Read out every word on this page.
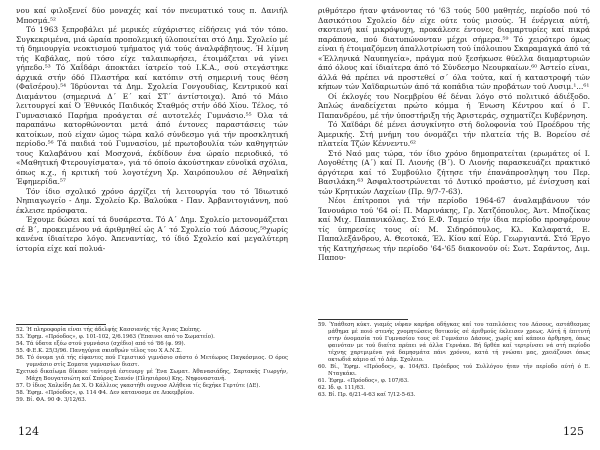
νου καί φιλοξενεί δύο μοναχές καί τόν πνευματικό τους π. Δανιήλ Μποσμά.⁵²

Τό 1963 ξεπροβάλει μέ μερικές εύχάριστες είδήσεις γιά τόν τόπο. Συγκεκριμένα, μιά ώραία προπολεμική ύλοποιείται στό Δημ. Σχολείο μέ τή δημιουργία νεοκτισμού τμήματος γιά τούς άναλφάβητους. Ή λίμνη τής Καβάλας, πού τόσο είχε ταλαιπωρήσει, έτοιμάζεται νά γίνει γήπεδο.⁵³ Τό Χαΐδάρι άποκτάει ίατρείο τού Ι.Κ.Α., σού στεγάστηκε άρχικά στήν όδό Πλαστήρα καί κατόπιν στή σημερινή τους θέση (Φαϊσέρου).⁵⁴ Ίδρύονται τά Δημ. Σχολεία Γονγουδίας, Κεντρικού καί Διαμάντου (σημερινά Δ΄ Ε΄ καί ΣΤ΄ άντίστοιχα). Άπό τό Μάιο λειτουργεί καί Ό Έθνικός Παιδικός Σταθμός στήν όδό Χίου. Τέλος, τό Γυμνασιακό Παρήμα προάγεται σέ αυτοτελές Γυμνάσιο.⁵⁵ Όλα τά παραπάνω κατορθώνονται μετά άπό έντονες παραστάσεις τών κατοίκων, πού είχαν ώμος τώρα καλό σύνδεσμο γιά τήν προσκλητική περίοδο.⁵⁶ Τά παιδιά τού Γυμνασίου, μέ πρωτοβουλία τών καθηγητών τους Καλαβάνου καί Μοσχονά, έκδίδουν ένα ώραίο περιοδικό, τό «Μαθητική Φτερουγίσματα», γιά τό όποίο άκούστηκαν εύνοϊκά σχόλια, όπως κ.χ., ή κριτική τού λογοτέχνη Χρ. Χαιρόπουλου σέ Άθηναϊκή Έφημερίδα.⁵⁷

Τόν ίδιο σχολικό χρόνο άρχίζει τή λειτουργία του τό Ίδιωτικό Νηπιαγωγείο - Δημ. Σχολείο Κρ. Βαλούκα - Παν. Άρβανιτογιάννη, πού έκλεισε πρόσφατα.

Έχουμε δώσει καί τά δυσάρεστα. Τό Α΄ Δημ. Σχολείο μετονομάζεται σέ Β΄, προκειμένου νά άριθμηθεί ώς Α΄ τό Σχολείο τού Δάσους,⁵⁸χωρίς κανένα ίδιαίτερο λόγο. Άπεναντίας, τό ίδιό Σχολείο καί μεγαλύτερη ίστορία είχε καί πολυά-

52. Ή πληροφορία είναι τής άδελφής Κασσιανής τής Άγιας Σκέπης.

53. Έφημ. «Πρόοδος», φ. 101-102, 2/6.1963 (Έπαινοι από το Σωματείο).

54. Τά ύδατα εξέω στού γυμνάσιο (σχέδιο) από τό '86 (φ. 99).

55. Φ.Ε.Κ. 25/3/96. Πανηγύρια σκιαθρών τέλος του Χ Α.Ν.Σ.

56. Τό όνομα γιά τής είφαντες πού Γεμιστικό γιμνάσιο σάστο ό Μετέωρος Παγκόσμιος. Ο όρος γυμνάσιο στίς Σοματα γυμνασίων διαστ.

Σχετικό δικαίωμα δίκασε ταύτεργά έστευεργ μέ Ένα Σωματ. Άθανασιάδης, Σαρτακής Γιωργήν, Μάχη Βουγατσιώτη καί Σπύρος Σιανόν (Πλησιάρου) Κης. Νηφοναστανή.

57. Ό ίδιος Χαλκίδη Δα Χ. Ό Κάλλιος γκαστήθι ουχνοσ Αλήθεια τίς δεχήκε Γερτύτε (ΔΕ).

58. Έφημ. «Πρόοδος», φ. 114 Φ4. Δεν κατανοσμε σε Δεκεμβρίου.

59. Βί. ΦΑ. 90 Φ. 3/12/63.

124

ριθμότερο ήταν φτάνοντας τό '63 τούς 500 μαθητές, περίοδο πού τό Δασικότιου Σχολείο δέν είχε ούτε τούς μισούς. Ή ένέργεια αύτή, σκοτεινή καί μικρόψυχη, προκάλεσε έντονες διαμαρτυρίες καί πικρά παράπονα, πού διατυπώνονταν μέχρι σήμερα.⁵⁹ Τό χειρότερο όμως είναι ή έτοιμαζόμενη άπαλλοτρίωση τού ίπόλοιπου Σκαραμαγκά άπό τά «Έλληνικά Ναυπηγεία», πράγμα πού ξεσήκωσε θύελλα διαμαρτυριών άπό όλους καί ίδιαίτερα άπό τό Σύνδεσμο Νεουρκαίων.⁶⁰ Άστείο είναι, άλλά θά πρέπει νά προστεθεί σ΄ όλα τούτα, καί ή καταστροφή τών κήπων τών Χαϊδαριωτών άπό τά κοπάδια τών προβάτων τού Λυσιμ.¹...⁶¹

Οί έκλογές του Νοεμβρίου θέ δέναι λόγο στό πολιτικό άδιέξοδο. Άπλώς άναδείχεται πρώτο κόμμα ή Ένωση Κέντρου καί ό Γ. Παπανδρέου, μέ τήν ύποστήριξη τής Άριστεράς, σχηματίζει Κυβέρνηση.

Τό Χαϊδάρι δέ μένει άσυγκίνητο στή δολοφονία τού Προέδρου τής Άμερικής. Στή μνήμη του όνομάζει τήν πλατεία τής Β. Βορείου σέ πλατεία Τζών Κέννεντυ.⁶²

Στό Ναό μας τώρα, τόν ίδιο χρόνο δημοπρατείται (ερωμάτες οί Ι. Λογοθέτης (Α΄) καί Π. Λιονής (Β΄). Ό Λιονής παρασκευάζει πρακτικό άργότερα καί τό Συμβούλιο ζήτησε τήν έπανάπροσληψη του Περ. Βασιλάκη.⁶³ Άσφαλτοστρώνεται τό Δυτικό προάστιο, μέ ένίσχυση καί τών Κρητικών Λαχείων (Πρ. 9/7-7-63).

Νέοι έπίτροποι γιά τήν περίοδο 1964-67 άναλαμβάνουν τόν Ίανουάριο τού '64 οί: Π. Μαρινάκης, Γρ. Χατζόπουλος, Άντ. Μποζίκας καί Μιχ. Παπανικόλας. Στό Ε.Φ. Ταμείο τήν ίδια περίοδο προσφέρουν τίς ύπηρεσίες τους οί: Μ. Σιδηρόπουλος, Κλ. Καλαφατά, Ε. Παπαλεξάνδρου, Α. Θεοτοκά, Έλ. Κίου καί Εύρ. Γεωργιαντά. Στό Έργο τής Κατηχήσεως τήν περίοδο '64-'65 διακονούν οί: Σωτ. Σαράντος, Διμ. Παπου-

59. Ύπάθεση κύκτ. γιαμές νέφαν καρήρα οδήγκας καί του ταπιλόσεις του Δάσους, αστάθεσμας μάθημα μέ ποιό στενής χνομητώσεις θοτικούς σέ άριθμούς έκλεισεν χρεως. Αύτή ή έπιτυτή στην όνομασία τού Γυμνασίου τους σέ Γυμνάσιο Δάσους, χωρίς καί κάποιο άρθμηση, όπως φαινόταν με τού διαίτα πρέπει νά άλλα Γερνάκα. Βή δρθέπ καί τερτρίνσει νά στή περίοδο τέχνης χαρτμιμένα γιά δαμησμάτα πάνι χρόνου, κατά τή γνώσαι μας, χρειάζουσι όπως οκτωδιά κάμιο αί τό Δάμ. Σχολειο.

60. Βί., Έφημ. «Πρόοδος», φ. 104/63. Πρόεδρος τού Συλλόγου ήταν τήν περίοδο αύτή ό Ε. Νταγκάκι.

61. Έφημ. «Πρόοδος», φ. 107/63.

62. Ιδ. φ. 111/63.

63. Βί. Πρ. 6/21-4-63 καί 7/12-5-63.

125
